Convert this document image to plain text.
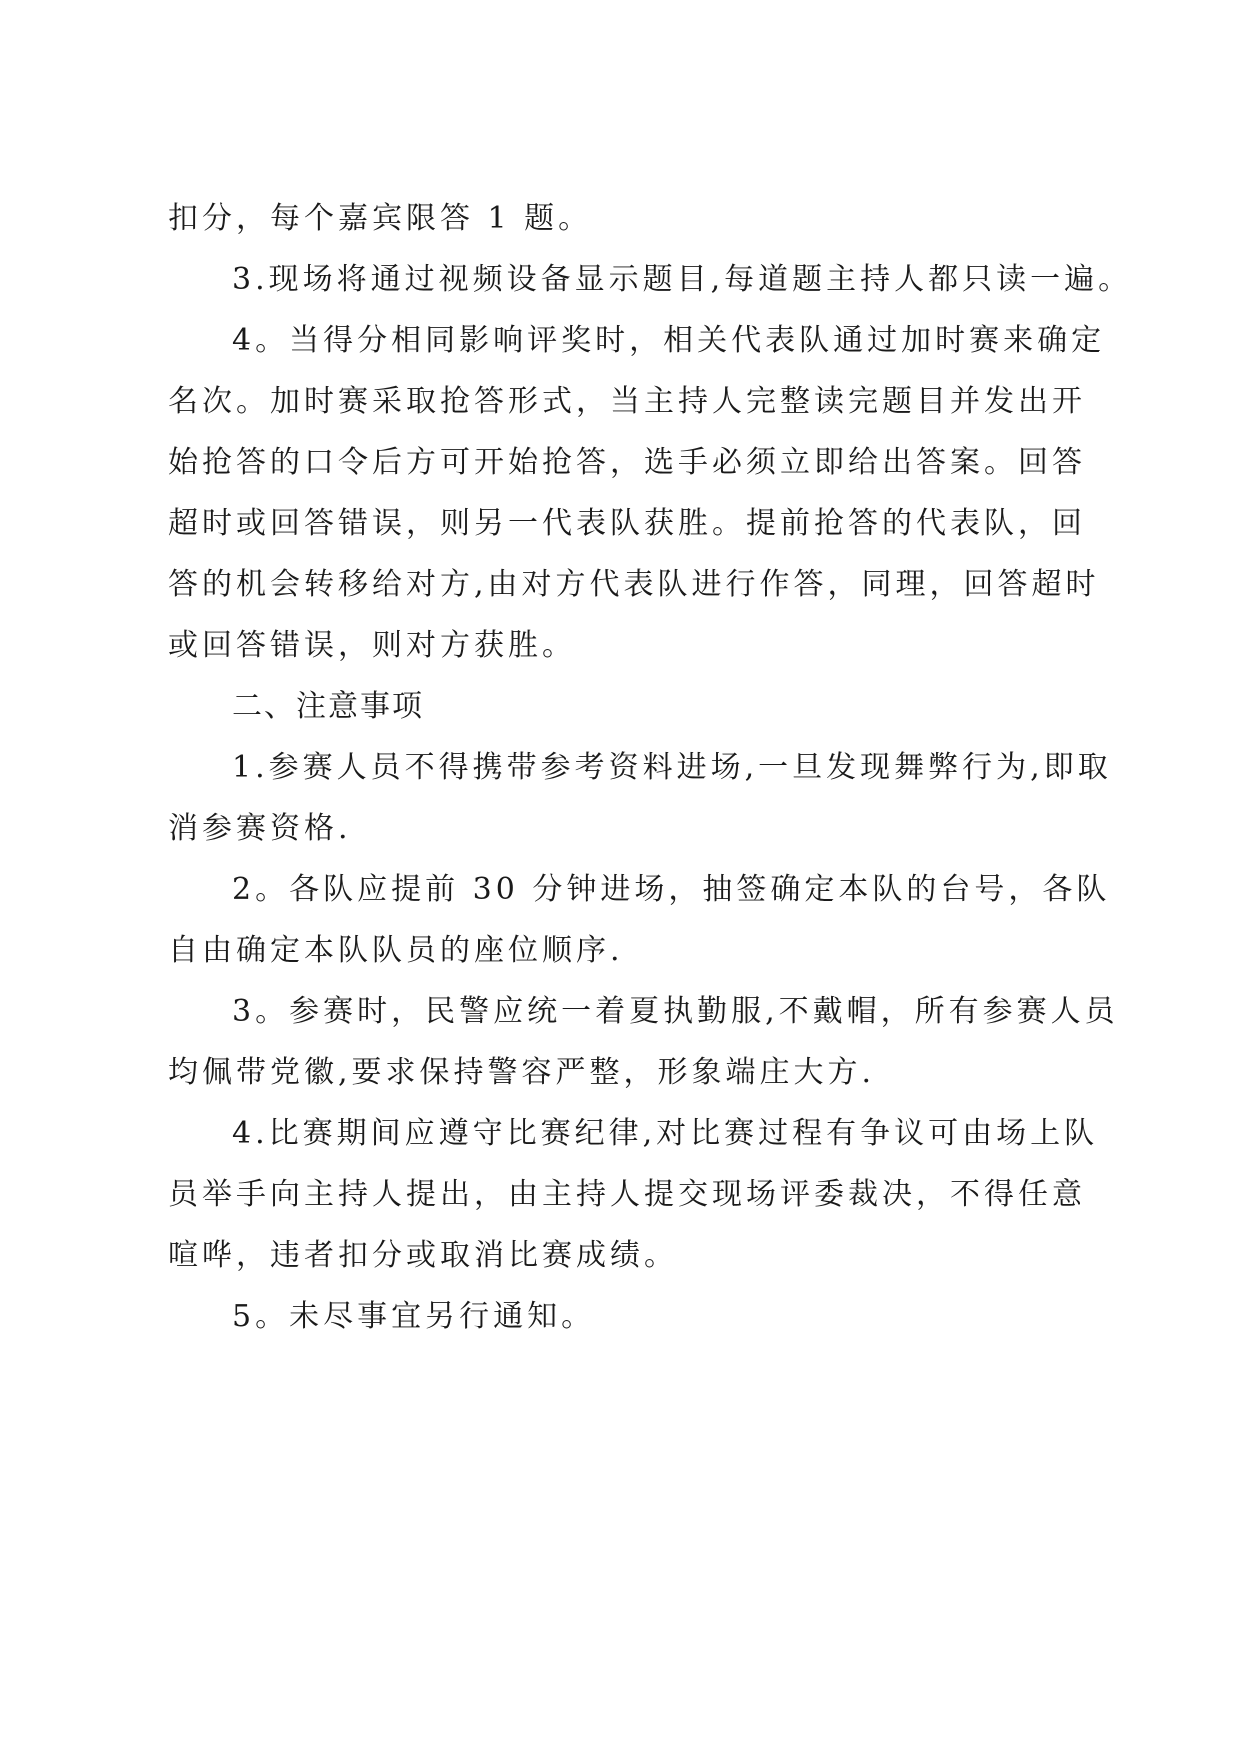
扣分，每个嘉宾限答 1 题。
3.现场将通过视频设备显示题目,每道题主持人都只读一遍。
4。当得分相同影响评奖时，相关代表队通过加时赛来确定
名次。加时赛采取抢答形式，当主持人完整读完题目并发出开
始抢答的口令后方可开始抢答，选手必须立即给出答案。回答
超时或回答错误，则另一代表队获胜。提前抢答的代表队，回
答的机会转移给对方,由对方代表队进行作答，同理，回答超时
或回答错误，则对方获胜。
二、注意事项
1.参赛人员不得携带参考资料进场,一旦发现舞弊行为,即取
消参赛资格.
2。各队应提前 30 分钟进场，抽签确定本队的台号，各队
自由确定本队队员的座位顺序.
3。参赛时，民警应统一着夏执勤服,不戴帽，所有参赛人员
均佩带党徽,要求保持警容严整，形象端庄大方.
4.比赛期间应遵守比赛纪律,对比赛过程有争议可由场上队
员举手向主持人提出，由主持人提交现场评委裁决，不得任意
喧哗，违者扣分或取消比赛成绩。
5。未尽事宜另行通知。
